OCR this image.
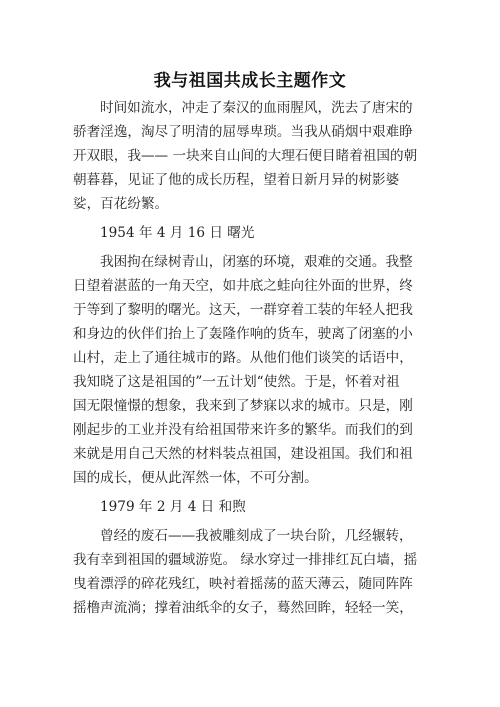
我与祖国共成长主题作文
时间如流水，冲走了秦汉的血雨腥风，洗去了唐宋的
骄奢淫逸，淘尽了明清的屈辱卑琐。当我从硝烟中艰难睁
开双眼，我—— 一块来自山间的大理石便目睹着祖国的朝
朝暮暮，见证了他的成长历程，望着日新月异的树影婆
娑，百花纷繁。
1954 年 4 月 16 日 曙光
我困拘在绿树青山，闭塞的环境，艰难的交通。我整
日望着湛蓝的一角天空，如井底之蛙向往外面的世界，终
于等到了黎明的曙光。这天，一群穿着工装的年轻人把我
和身边的伙伴们抬上了轰隆作响的货车，驶离了闭塞的小
山村，走上了通往城市的路。从他们他们谈笑的话语中，
我知晓了这是祖国的”一五计划“使然。于是，怀着对祖
国无限憧憬的想象，我来到了梦寐以求的城市。只是，刚
刚起步的工业并没有给祖国带来许多的繁华。而我们的到
来就是用自己天然的材料装点祖国，建设祖国。我们和祖
国的成长，便从此浑然一体，不可分割。
1979 年 2 月 4 日 和煦
曾经的废石——我被雕刻成了一块台阶，几经辗转，
我有幸到祖国的疆域游览。 绿水穿过一排排红瓦白墙，摇
曳着漂浮的碎花残红，映衬着摇荡的蓝天薄云，随同阵阵
摇橹声流淌；撑着油纸伞的女子，蓦然回眸，轻轻一笑，
